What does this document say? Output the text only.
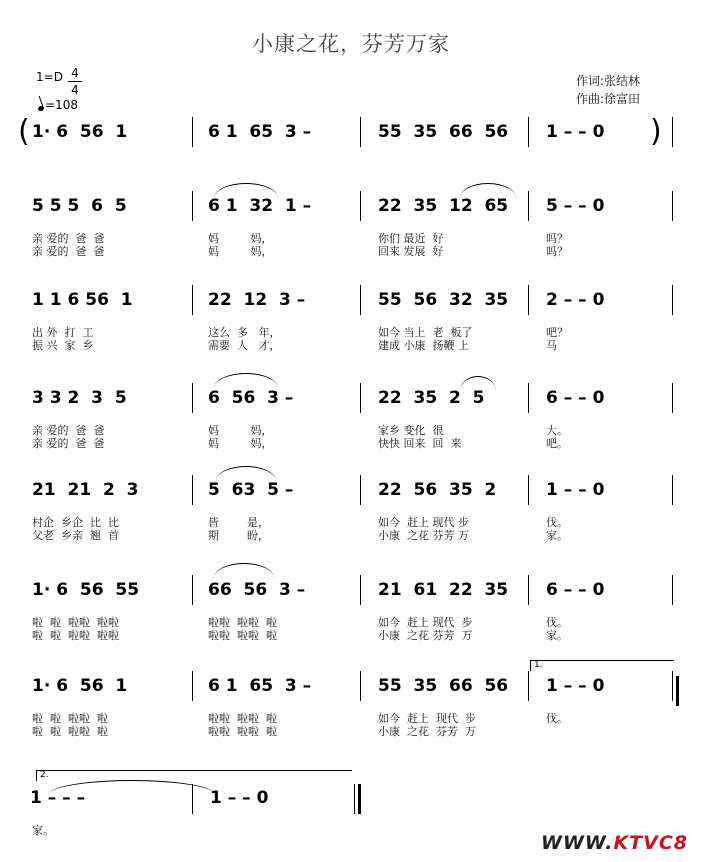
小康之花，芬芳万家
作词:张结林
作曲:徐富田
1=D 4
4
=108
1· 6  56  1	6 1  65  3 –	55  35  66  56 1 – – 0
5 5 5  6  5	6 1  32  1 –	22  35  12  65 5 – – 0
亲 爱的  爸  爸	妈         妈，	你们 最近  好	吗？
亲 爱的  爸  爸	妈         妈，	回来 发展  好	吗？
1 1 6 56  1	22  12  3 –	55  56  32  35 2 – – 0
出 外  打  工	这么  多   年，	如今 当上  老  板了	吧？
振 兴  家  乡	需要  人   才，	建成 小康  扬鞭 上	马
3 3 2  3  5	6  56  3 –	22  35  2  5	6 – – 0
亲 爱的  爸  爸	妈         妈，	家乡 变化  很	大。
亲 爱的  爸  爸	妈         妈，	快快 回来  回  来	吧。
21  21  2  3	5  63  5 –	22  56  35  2	1 – – 0
村企  乡企  比  比	皆        是，	如今  赶上 现代 步	伐。
父老  乡亲  翘  首	期        盼，	小康  之花 芬芳 万	家。
1· 6  56  55	66  56  3 –	21  61  22  35 6 – – 0
啦  啦  啦啦  啦啦	啦啦  啦啦  啦	如今  赶上 现代  步	伐。
啦  啦  啦啦  啦啦	啦啦  啦啦  啦	小康  之花 芬芳  万	家。
1· 6  56  1	6 1  65  3 –	55  35  66  56 1 – – 0
啦  啦  啦啦  啦	啦啦  啦啦  啦	如今  赶上  现代  步	伐。
啦  啦  啦啦  啦	啦啦  啦啦  啦	小康  之花  芬芳  万
(	)
1.
2.
1 – – –	1 – – 0
家。
WWW.KTVC8
